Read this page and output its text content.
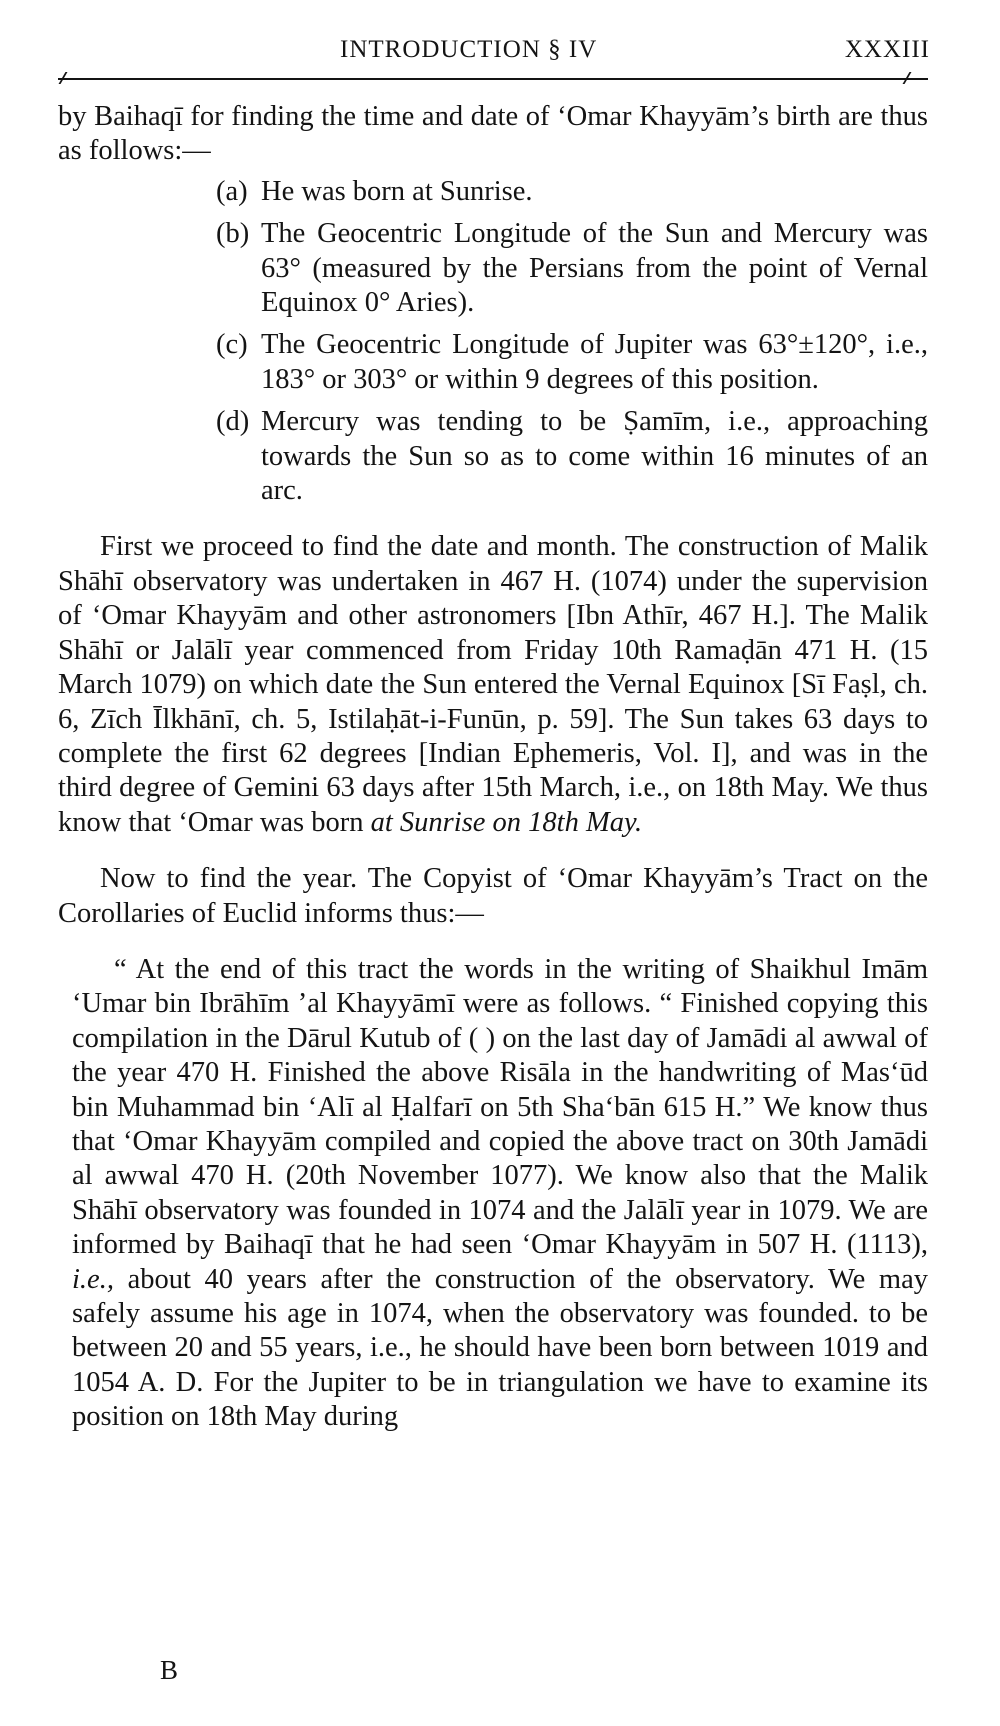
INTRODUCTION § IV	XXXIII

by Baihaqī for finding the time and date of ‘Omar Khayyām’s birth are thus as follows:—

(a) He was born at Sunrise.

(b) The Geocentric Longitude of the Sun and Mercury was 63° (measured by the Persians from the point of Vernal Equinox 0° Aries).

(c) The Geocentric Longitude of Jupiter was 63°±120°, i.e., 183° or 303° or within 9 degrees of this position.

(d) Mercury was tending to be Ṣamīm, i.e., approaching towards the Sun so as to come within 16 minutes of an arc.

First we proceed to find the date and month. The construction of Malik Shāhī observatory was undertaken in 467 H. (1074) under the supervision of ‘Omar Khayyām and other astronomers [Ibn Athīr, 467 H.]. The Malik Shāhī or Jalālī year commenced from Friday 10th Ramaḍān 471 H. (15 March 1079) on which date the Sun entered the Vernal Equinox [Sī Faṣl, ch. 6, Zīch Īlkhānī, ch. 5, Istilaḥāt-i-Funūn, p. 59]. The Sun takes 63 days to complete the first 62 degrees [Indian Ephemeris, Vol. I], and was in the third degree of Gemini 63 days after 15th March, i.e., on 18th May. We thus know that ‘Omar was born at Sunrise on 18th May.

Now to find the year. The Copyist of ‘Omar Khayyām’s Tract on the Corollaries of Euclid informs thus:—

“ At the end of this tract the words in the writing of Shaikhul Imām ‘Umar bin Ibrāhīm ’al Khayyāmī were as follows. “ Finished copying this compilation in the Dārul Kutub of ( ) on the last day of Jamādi al awwal of the year 470 H. Finished the above Risāla in the handwriting of Mas‘ūd bin Muhammad bin ‘Alī al Ḥalfarī on 5th Sha‘bān 615 H.” We know thus that ‘Omar Khayyām compiled and copied the above tract on 30th Jamādi al awwal 470 H. (20th November 1077). We know also that the Malik Shāhī observatory was founded in 1074 and the Jalālī year in 1079. We are informed by Baihaqī that he had seen ‘Omar Khayyām in 507 H. (1113), i.e., about 40 years after the construction of the observatory. We may safely assume his age in 1074, when the observatory was founded. to be between 20 and 55 years, i.e., he should have been born between 1019 and 1054 A. D. For the Jupiter to be in triangulation we have to examine its position on 18th May during

B
